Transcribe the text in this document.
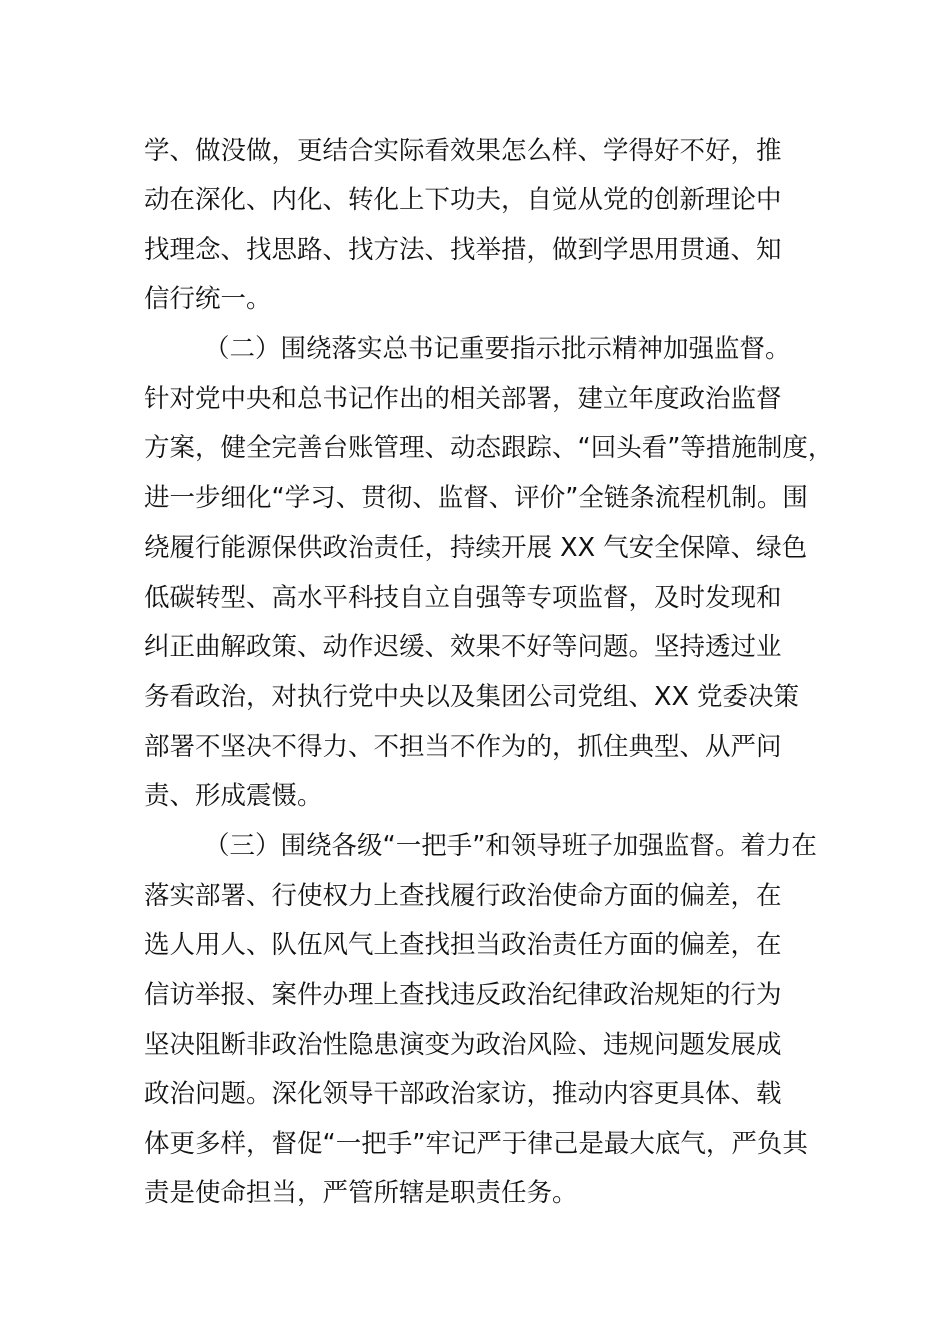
学、做没做，更结合实际看效果怎么样、学得好不好，推
动在深化、内化、转化上下功夫，自觉从党的创新理论中
找理念、找思路、找方法、找举措，做到学思用贯通、知
信行统一。
（二）围绕落实总书记重要指示批示精神加强监督。
针对党中央和总书记作出的相关部署，建立年度政治监督
方案，健全完善台账管理、动态跟踪、“回头看”等措施制度，
进一步细化“学习、贯彻、监督、评价”全链条流程机制。围
绕履行能源保供政治责任，持续开展 XX 气安全保障、绿色
低碳转型、高水平科技自立自强等专项监督，及时发现和
纠正曲解政策、动作迟缓、效果不好等问题。坚持透过业
务看政治，对执行党中央以及集团公司党组、XX 党委决策
部署不坚决不得力、不担当不作为的，抓住典型、从严问
责、形成震慑。
（三）围绕各级“一把手”和领导班子加强监督。着力在
落实部署、行使权力上查找履行政治使命方面的偏差，在
选人用人、队伍风气上查找担当政治责任方面的偏差，在
信访举报、案件办理上查找违反政治纪律政治规矩的行为
坚决阻断非政治性隐患演变为政治风险、违规问题发展成
政治问题。深化领导干部政治家访，推动内容更具体、载
体更多样，督促“一把手”牢记严于律己是最大底气，严负其
责是使命担当，严管所辖是职责任务。
